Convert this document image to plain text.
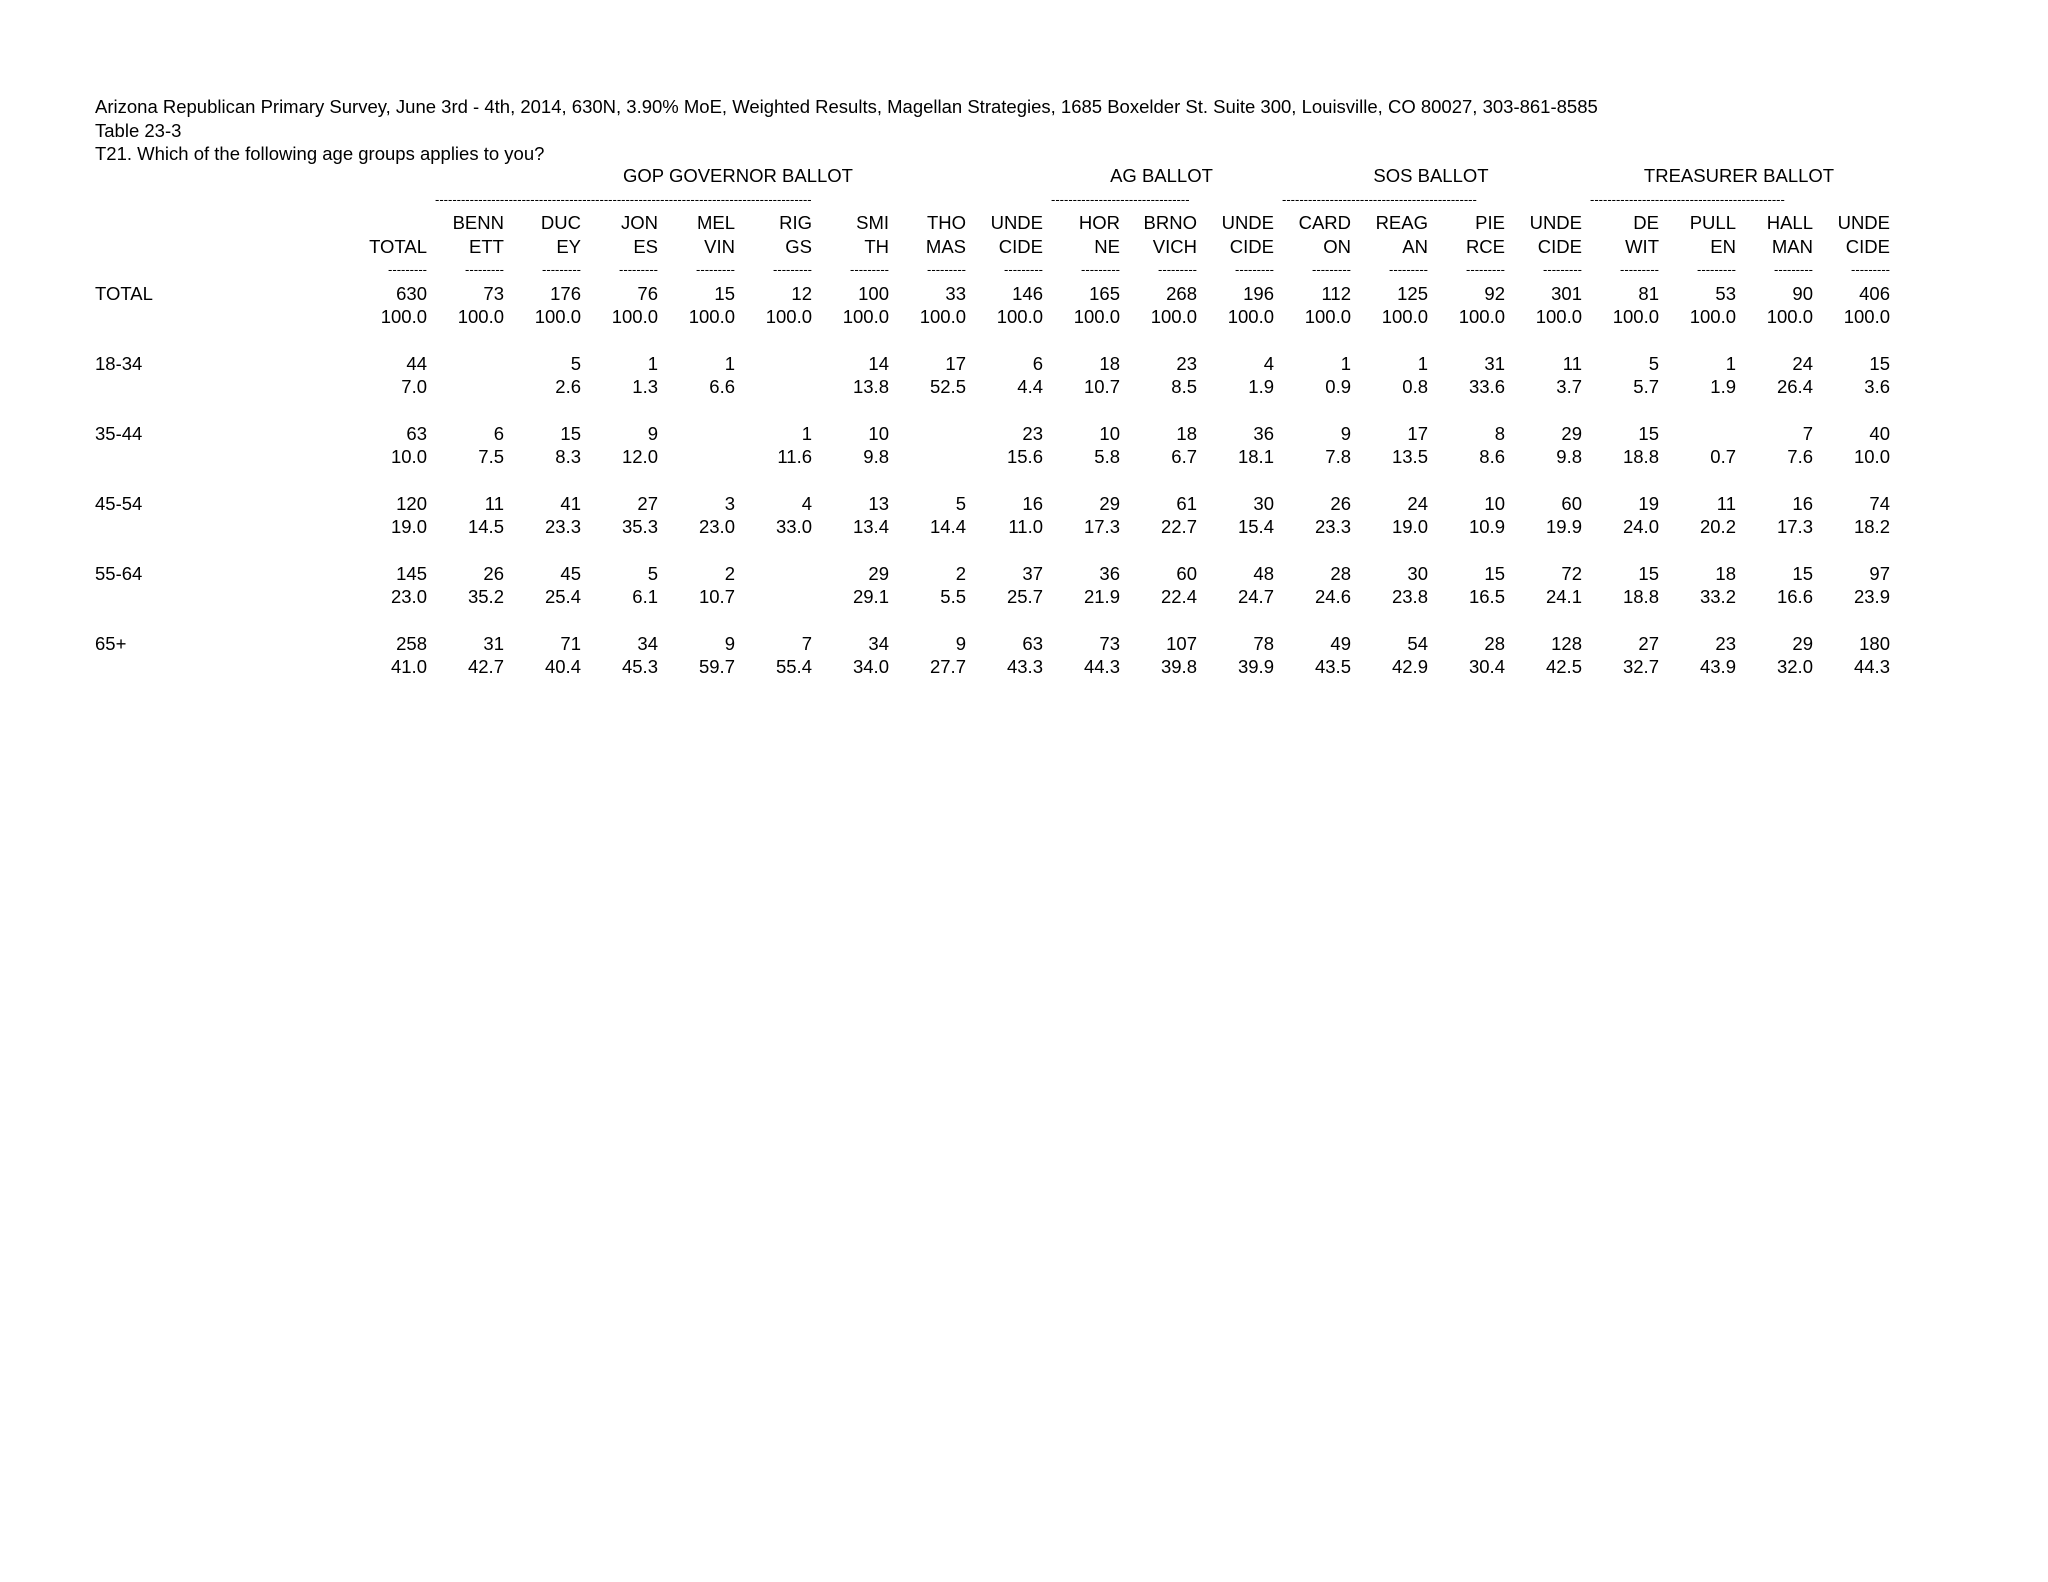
Arizona Republican Primary Survey, June 3rd - 4th, 2014, 630N, 3.90% MoE, Weighted Results, Magellan Strategies, 1685 Boxelder St. Suite 300, Louisville, CO 80027, 303-861-8585
Table 23-3
T21. Which of the following age groups applies to you?
		GOP GOVERNOR BALLOT								AG BALLOT			SOS BALLOT				TREASURER BALLOT			
		---------------------------------------------------------------------------------------								--------------------------------			---------------------------------------------				---------------------------------------------			
		BENN	DUC	JON	MEL	RIG	SMI	THO	UNDE	HOR	BRNO	UNDE	CARD	REAG	PIE	UNDE	DE	PULL	HALL	UNDE
	TOTAL	ETT	EY	ES	VIN	GS	TH	MAS	CIDE	NE	VICH	CIDE	ON	AN	RCE	CIDE	WIT	EN	MAN	CIDE
	---------	---------	---------	---------	---------	---------	---------	---------	---------	---------	---------	---------	---------	---------	---------	---------	---------	---------	---------	---------
TOTAL	630	73	176	76	15	12	100	33	146	165	268	196	112	125	92	301	81	53	90	406
	100.0	100.0	100.0	100.0	100.0	100.0	100.0	100.0	100.0	100.0	100.0	100.0	100.0	100.0	100.0	100.0	100.0	100.0	100.0	100.0

18-34	44		5	1	1		14	17	6	18	23	4	1	1	31	11	5	1	24	15
	7.0		2.6	1.3	6.6		13.8	52.5	4.4	10.7	8.5	1.9	0.9	0.8	33.6	3.7	5.7	1.9	26.4	3.6

35-44	63	6	15	9		1	10		23	10	18	36	9	17	8	29	15		7	40
	10.0	7.5	8.3	12.0		11.6	9.8		15.6	5.8	6.7	18.1	7.8	13.5	8.6	9.8	18.8	0.7	7.6	10.0

45-54	120	11	41	27	3	4	13	5	16	29	61	30	26	24	10	60	19	11	16	74
	19.0	14.5	23.3	35.3	23.0	33.0	13.4	14.4	11.0	17.3	22.7	15.4	23.3	19.0	10.9	19.9	24.0	20.2	17.3	18.2

55-64	145	26	45	5	2		29	2	37	36	60	48	28	30	15	72	15	18	15	97
	23.0	35.2	25.4	6.1	10.7		29.1	5.5	25.7	21.9	22.4	24.7	24.6	23.8	16.5	24.1	18.8	33.2	16.6	23.9

65+	258	31	71	34	9	7	34	9	63	73	107	78	49	54	28	128	27	23	29	180
	41.0	42.7	40.4	45.3	59.7	55.4	34.0	27.7	43.3	44.3	39.8	39.9	43.5	42.9	30.4	42.5	32.7	43.9	32.0	44.3
